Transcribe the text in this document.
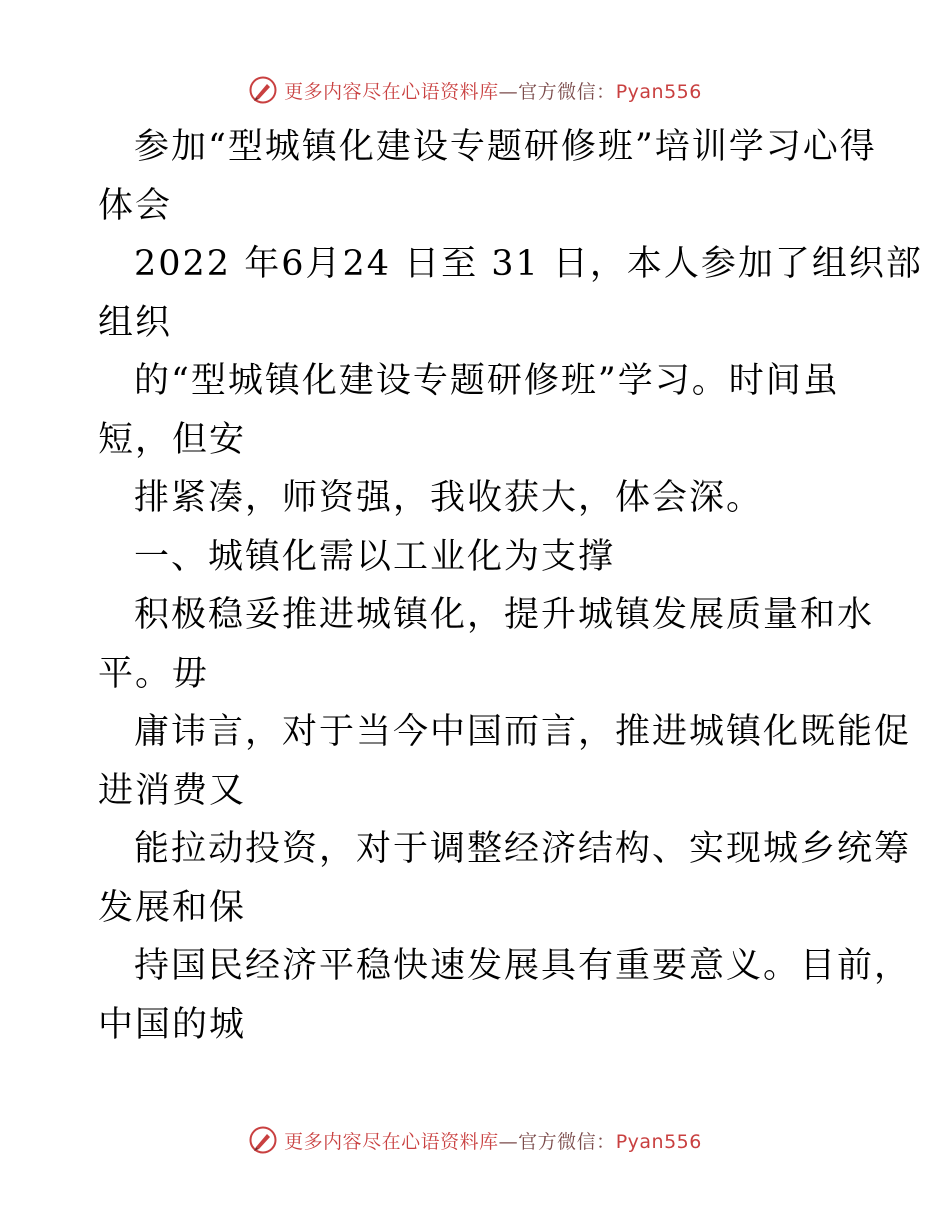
更多内容尽在心语资料库—官方微信：Pyan556
参加“型城镇化建设专题研修班”培训学习心得
体会
2022 年6月24 日至 31 日，本人参加了组织部
组织
的“型城镇化建设专题研修班”学习。时间虽
短，但安
排紧凑，师资强，我收获大，体会深。
一、城镇化需以工业化为支撑
积极稳妥推进城镇化，提升城镇发展质量和水
平。毋
庸讳言，对于当今中国而言，推进城镇化既能促
进消费又
能拉动投资，对于调整经济结构、实现城乡统筹
发展和保
持国民经济平稳快速发展具有重要意义。目前，
中国的城
更多内容尽在心语资料库—官方微信：Pyan556
